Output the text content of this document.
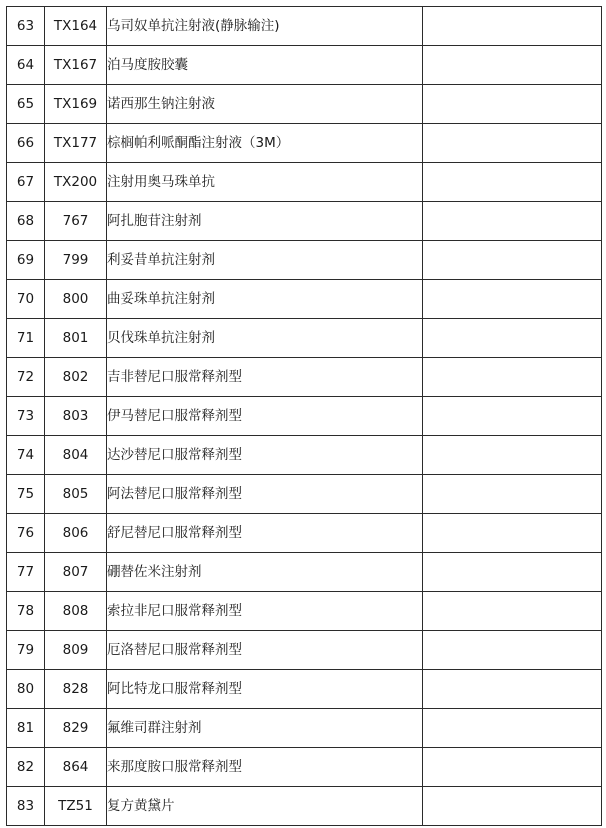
63	TX164	乌司奴单抗注射液(静脉输注)	
64	TX167	泊马度胺胶囊	
65	TX169	诺西那生钠注射液	
66	TX177	棕榈帕利哌酮酯注射液（3M）	
67	TX200	注射用奥马珠单抗	
68	767	阿扎胞苷注射剂	
69	799	利妥昔单抗注射剂	
70	800	曲妥珠单抗注射剂	
71	801	贝伐珠单抗注射剂	
72	802	吉非替尼口服常释剂型	
73	803	伊马替尼口服常释剂型	
74	804	达沙替尼口服常释剂型	
75	805	阿法替尼口服常释剂型	
76	806	舒尼替尼口服常释剂型	
77	807	硼替佐米注射剂	
78	808	索拉非尼口服常释剂型	
79	809	厄洛替尼口服常释剂型	
80	828	阿比特龙口服常释剂型	
81	829	氟维司群注射剂	
82	864	来那度胺口服常释剂型	
83	TZ51	复方黄黛片	
